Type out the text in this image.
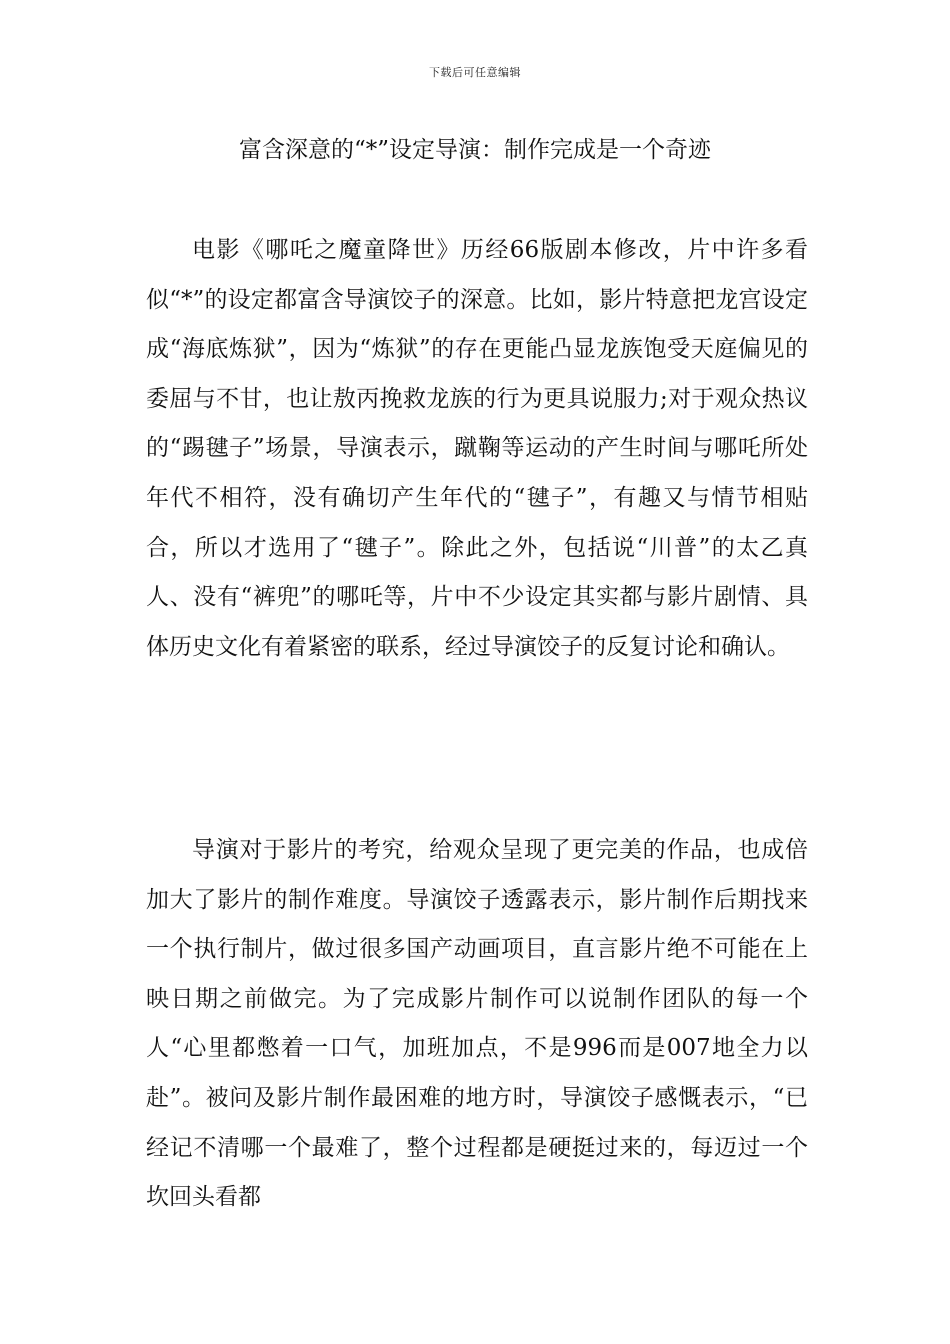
下载后可任意编辑
富含深意的“*”设定导演：制作完成是一个奇迹

电影《哪吒之魔童降世》历经66版剧本修改，片中许多看似“*”的设定都富含导演饺子的深意。比如，影片特意把龙宫设定成“海底炼狱”，因为“炼狱”的存在更能凸显龙族饱受天庭偏见的委屈与不甘，也让敖丙挽救龙族的行为更具说服力;对于观众热议的“踢毽子”场景，导演表示，蹴鞠等运动的产生时间与哪吒所处年代不相符，没有确切产生年代的“毽子”，有趣又与情节相贴合，所以才选用了“毽子”。除此之外，包括说“川普”的太乙真人、没有“裤兜”的哪吒等，片中不少设定其实都与影片剧情、具体历史文化有着紧密的联系，经过导演饺子的反复讨论和确认。

导演对于影片的考究，给观众呈现了更完美的作品，也成倍加大了影片的制作难度。导演饺子透露表示，影片制作后期找来一个执行制片，做过很多国产动画项目，直言影片绝不可能在上映日期之前做完。为了完成影片制作可以说制作团队的每一个人“心里都憋着一口气，加班加点，不是996而是007地全力以赴”。被问及影片制作最困难的地方时，导演饺子感慨表示，“已经记不清哪一个最难了，整个过程都是硬挺过来的，每迈过一个坎回头看都
